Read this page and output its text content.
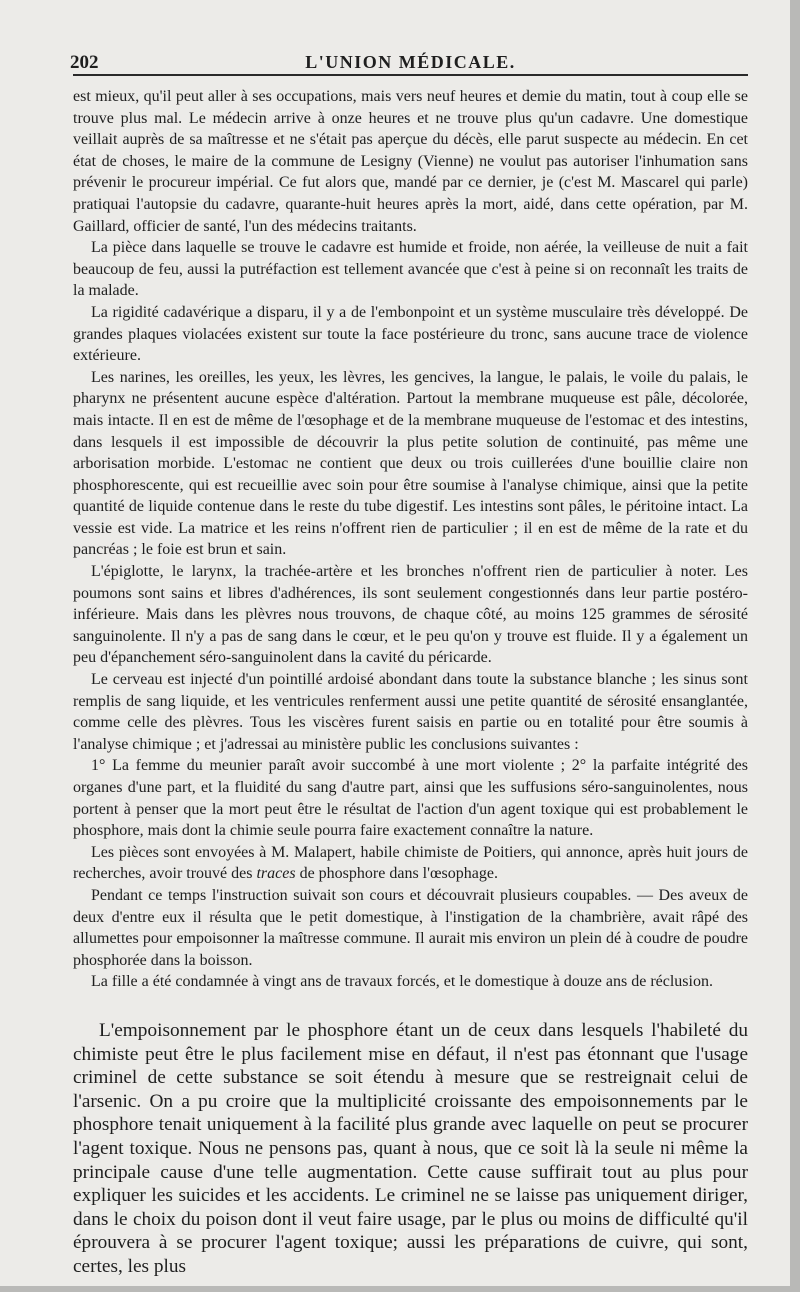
202	L'UNION MÉDICALE.

est mieux, qu'il peut aller à ses occupations, mais vers neuf heures et demie du matin, tout à coup elle se trouve plus mal. Le médecin arrive à onze heures et ne trouve plus qu'un cadavre. Une domestique veillait auprès de sa maîtresse et ne s'était pas aperçue du décès, elle parut suspecte au médecin. En cet état de choses, le maire de la commune de Lesigny (Vienne) ne voulut pas autoriser l'inhumation sans prévenir le procureur impérial. Ce fut alors que, mandé par ce dernier, je (c'est M. Mascarel qui parle) pratiquai l'autopsie du cadavre, quarante-huit heures après la mort, aidé, dans cette opération, par M. Gaillard, officier de santé, l'un des médecins traitants.

La pièce dans laquelle se trouve le cadavre est humide et froide, non aérée, la veilleuse de nuit a fait beaucoup de feu, aussi la putréfaction est tellement avancée que c'est à peine si on reconnaît les traits de la malade.

La rigidité cadavérique a disparu, il y a de l'embonpoint et un système musculaire très développé. De grandes plaques violacées existent sur toute la face postérieure du tronc, sans aucune trace de violence extérieure.

Les narines, les oreilles, les yeux, les lèvres, les gencives, la langue, le palais, le voile du palais, le pharynx ne présentent aucune espèce d'altération. Partout la membrane muqueuse est pâle, décolorée, mais intacte. Il en est de même de l'œsophage et de la membrane muqueuse de l'estomac et des intestins, dans lesquels il est impossible de découvrir la plus petite solution de continuité, pas même une arborisation morbide. L'estomac ne contient que deux ou trois cuillerées d'une bouillie claire non phosphorescente, qui est recueillie avec soin pour être soumise à l'analyse chimique, ainsi que la petite quantité de liquide contenue dans le reste du tube digestif. Les intestins sont pâles, le péritoine intact. La vessie est vide. La matrice et les reins n'offrent rien de particulier ; il en est de même de la rate et du pancréas ; le foie est brun et sain.

L'épiglotte, le larynx, la trachée-artère et les bronches n'offrent rien de particulier à noter. Les poumons sont sains et libres d'adhérences, ils sont seulement congestionnés dans leur partie postéro-inférieure. Mais dans les plèvres nous trouvons, de chaque côté, au moins 125 grammes de sérosité sanguinolente. Il n'y a pas de sang dans le cœur, et le peu qu'on y trouve est fluide. Il y a également un peu d'épanchement séro-sanguinolent dans la cavité du péricarde.

Le cerveau est injecté d'un pointillé ardoisé abondant dans toute la substance blanche ; les sinus sont remplis de sang liquide, et les ventricules renferment aussi une petite quantité de sérosité ensanglantée, comme celle des plèvres. Tous les viscères furent saisis en partie ou en totalité pour être soumis à l'analyse chimique ; et j'adressai au ministère public les conclusions suivantes :

1° La femme du meunier paraît avoir succombé à une mort violente ; 2° la parfaite intégrité des organes d'une part, et la fluidité du sang d'autre part, ainsi que les suffusions séro-sanguinolentes, nous portent à penser que la mort peut être le résultat de l'action d'un agent toxique qui est probablement le phosphore, mais dont la chimie seule pourra faire exactement connaître la nature.

Les pièces sont envoyées à M. Malapert, habile chimiste de Poitiers, qui annonce, après huit jours de recherches, avoir trouvé des traces de phosphore dans l'œsophage.

Pendant ce temps l'instruction suivait son cours et découvrait plusieurs coupables. — Des aveux de deux d'entre eux il résulta que le petit domestique, à l'instigation de la chambrière, avait râpé des allumettes pour empoisonner la maîtresse commune. Il aurait mis environ un plein dé à coudre de poudre phosphorée dans la boisson.

La fille a été condamnée à vingt ans de travaux forcés, et le domestique à douze ans de réclusion.

L'empoisonnement par le phosphore étant un de ceux dans lesquels l'habileté du chimiste peut être le plus facilement mise en défaut, il n'est pas étonnant que l'usage criminel de cette substance se soit étendu à mesure que se restreignait celui de l'arsenic. On a pu croire que la multiplicité croissante des empoisonnements par le phosphore tenait uniquement à la facilité plus grande avec laquelle on peut se procurer l'agent toxique. Nous ne pensons pas, quant à nous, que ce soit là la seule ni même la principale cause d'une telle augmentation. Cette cause suffirait tout au plus pour expliquer les suicides et les accidents. Le criminel ne se laisse pas uniquement diriger, dans le choix du poison dont il veut faire usage, par le plus ou moins de difficulté qu'il éprouvera à se procurer l'agent toxique; aussi les préparations de cuivre, qui sont, certes, les plus
